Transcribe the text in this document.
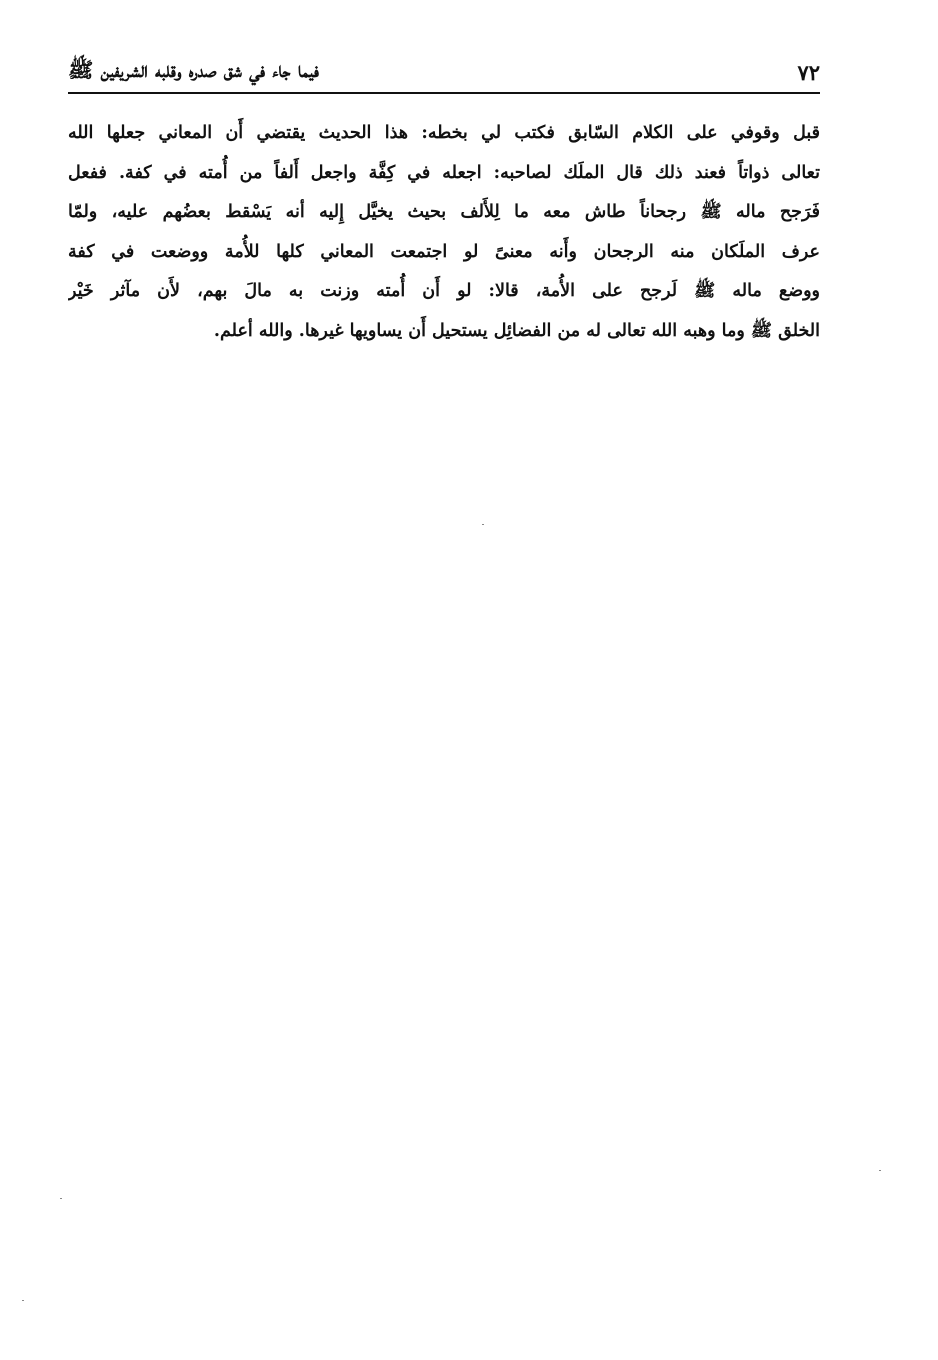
٧٢
فيما جاء في شق صدره وقلبه الشريفين ﷺ
قبل وقوفي على الكلام السّابق فكتب لي بخطه: هذا الحديث يقتضي أَن المعاني جعلها الله
تعالى ذواتاً فعند ذلك قال الملَك لصاحبه: اجعله في كِفَّة واجعل أَلفاً من أُمته في كفة. ففعل
فَرَجح ماله ﷺ رجحاناً طاش معه ما لِلأَلف بحيث يخيَّل إِليه أنه يَسْقط بعضُهم عليه، ولمّا
عرف الملَكان منه الرجحان وأَنه معنىً لو اجتمعت المعاني كلها للأُمة ووضعت في كفة
ووضع ماله ﷺ لَرجح على الأُمة، قالا: لو أَن أُمته وزنت به مالَ بهم، لأَن مآثر خَيْر
الخلق ﷺ وما وهبه الله تعالى له من الفضائِل يستحيل أَن يساويها غيرها. والله أعلم.
